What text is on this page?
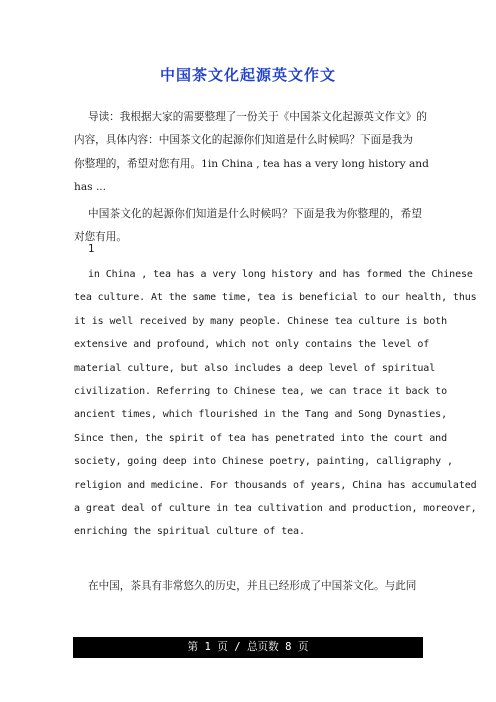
中国茶文化起源英文作文
导读：我根据大家的需要整理了一份关于《中国茶文化起源英文作文》的
内容，具体内容：中国茶文化的起源你们知道是什么时候吗？下面是我为
你整理的，希望对您有用。1in China , tea has a very long history and
has ...
中国茶文化的起源你们知道是什么时候吗？下面是我为你整理的，希望 对您有用。
1
in China , tea has a very long history and has formed the Chinese
tea culture. At the same time, tea is beneficial to our health, thus
it is well received by many people. Chinese tea culture is both
extensive and profound, which not only contains the level of
material culture, but also includes a deep level of spiritual
civilization. Referring to Chinese tea, we can trace it back to
ancient times, which flourished in the Tang and Song Dynasties,
Since then, the spirit of tea has penetrated into the court and
society, going deep into Chinese poetry, painting, calligraphy ,
religion and medicine. For thousands of years, China has accumulated
a great deal of culture in tea cultivation and production, moreover,
enriching the spiritual culture of tea.
在中国，茶具有非常悠久的历史，并且已经形成了中国茶文化。与此同
第 1 页 / 总页数 8 页
